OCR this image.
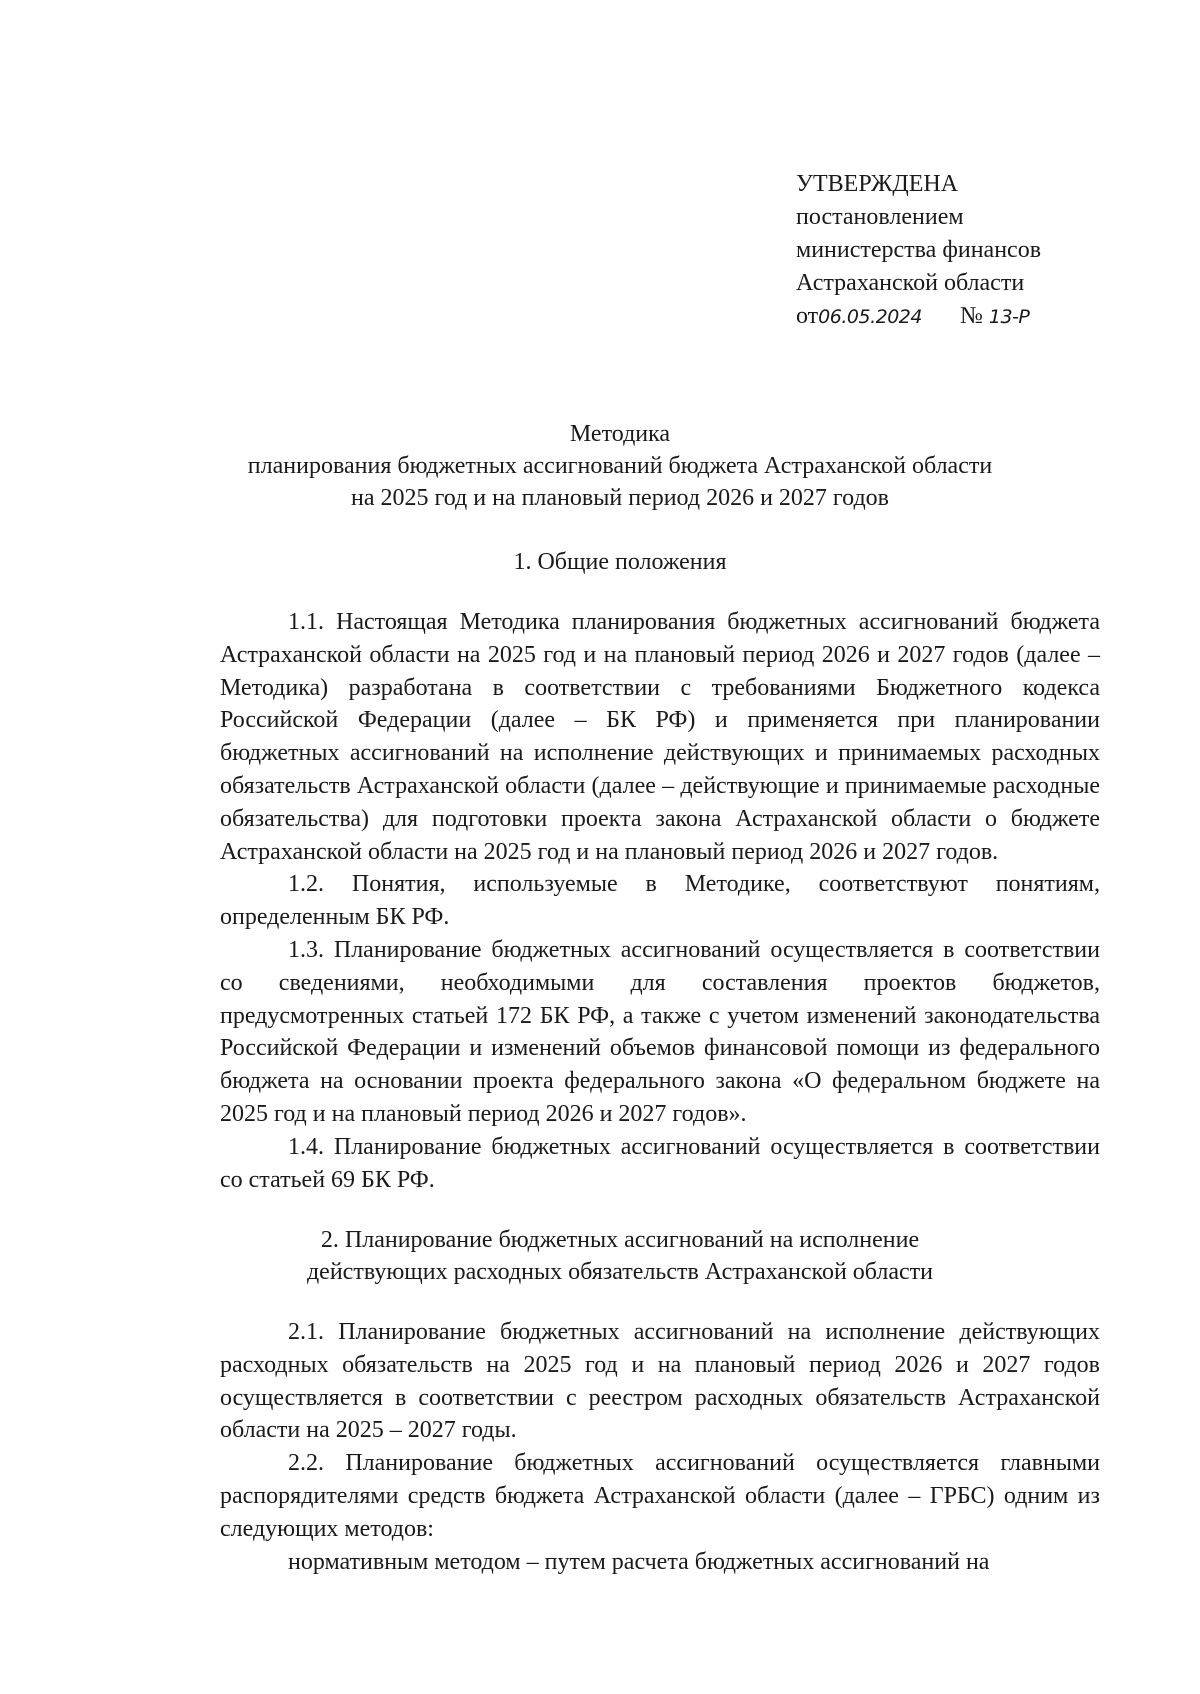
УТВЕРЖДЕНА
постановлением
министерства финансов
Астраханской области
от06.05.2024 № 13-Р
Методика
планирования бюджетных ассигнований бюджета Астраханской области
на 2025 год и на плановый период 2026 и 2027 годов
1. Общие положения

1.1. Настоящая Методика планирования бюджетных ассигнований бюджета Астраханской области на 2025 год и на плановый период 2026 и 2027 годов (далее – Методика) разработана в соответствии с требованиями Бюджетного кодекса Российской Федерации (далее – БК РФ) и применяется при планировании бюджетных ассигнований на исполнение действующих и принимаемых расходных обязательств Астраханской области (далее – действующие и принимаемые расходные обязательства) для подготовки проекта закона Астраханской области о бюджете Астраханской области на 2025 год и на плановый период 2026 и 2027 годов.

1.2. Понятия, используемые в Методике, соответствуют понятиям, определенным БК РФ.

1.3. Планирование бюджетных ассигнований осуществляется в соответствии со сведениями, необходимыми для составления проектов бюджетов, предусмотренных статьей 172 БК РФ, а также с учетом изменений законодательства Российской Федерации и изменений объемов финансовой помощи из федерального бюджета на основании проекта федерального закона «О федеральном бюджете на 2025 год и на плановый период 2026 и 2027 годов».

1.4. Планирование бюджетных ассигнований осуществляется в соответствии со статьей 69 БК РФ.

2. Планирование бюджетных ассигнований на исполнение
действующих расходных обязательств Астраханской области

2.1. Планирование бюджетных ассигнований на исполнение действующих расходных обязательств на 2025 год и на плановый период 2026 и 2027 годов осуществляется в соответствии с реестром расходных обязательств Астраханской области на 2025 – 2027 годы.

2.2. Планирование бюджетных ассигнований осуществляется главными распорядителями средств бюджета Астраханской области (далее – ГРБС) одним из следующих методов:

нормативным методом – путем расчета бюджетных ассигнований на
